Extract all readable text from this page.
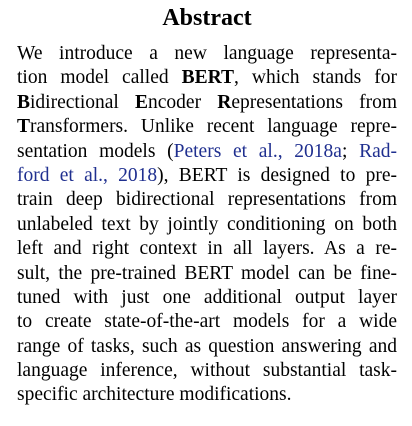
Abstract
We introduce a new language representa-
tion model called BERT, which stands for
Bidirectional Encoder Representations from
Transformers. Unlike recent language repre-
sentation models (Peters et al., 2018a; Rad-
ford et al., 2018), BERT is designed to pre-
train deep bidirectional representations from
unlabeled text by jointly conditioning on both
left and right context in all layers. As a re-
sult, the pre-trained BERT model can be fine-
tuned with just one additional output layer
to create state-of-the-art models for a wide
range of tasks, such as question answering and
language inference, without substantial task-
specific architecture modifications.
